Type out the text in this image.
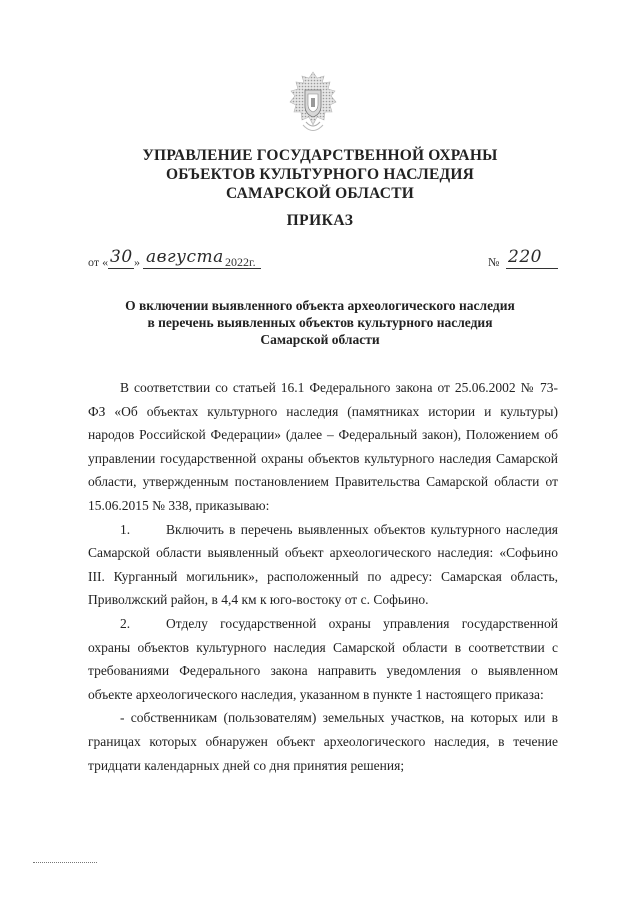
УПРАВЛЕНИЕ ГОСУДАРСТВЕННОЙ ОХРАНЫ
ОБЪЕКТОВ КУЛЬТУРНОГО НАСЛЕДИЯ
САМАРСКОЙ ОБЛАСТИ
ПРИКАЗ
от « 30 » августа 2022г.	№ 220
О включении выявленного объекта археологического наследия
в перечень выявленных объектов культурного наследия
Самарской области

В соответствии со статьей 16.1 Федерального закона от 25.06.2002 № 73-ФЗ «Об объектах культурного наследия (памятниках истории и культуры) народов Российской Федерации» (далее – Федеральный закон), Положением об управлении государственной охраны объектов культурного наследия Самарской области, утвержденным постановлением Правительства Самарской области от 15.06.2015 № 338, приказываю:

1.	Включить в перечень выявленных объектов культурного наследия Самарской области выявленный объект археологического наследия: «Софьино III. Курганный могильник», расположенный по адресу: Самарская область, Приволжский район, в 4,4 км к юго-востоку от с. Софьино.

2.	Отделу государственной охраны управления государственной охраны объектов культурного наследия Самарской области в соответствии с требованиями Федерального закона направить уведомления о выявленном объекте археологического наследия, указанном в пункте 1 настоящего приказа:

- собственникам (пользователям) земельных участков, на которых или в границах которых обнаружен объект археологического наследия, в течение тридцати календарных дней со дня принятия решения;
